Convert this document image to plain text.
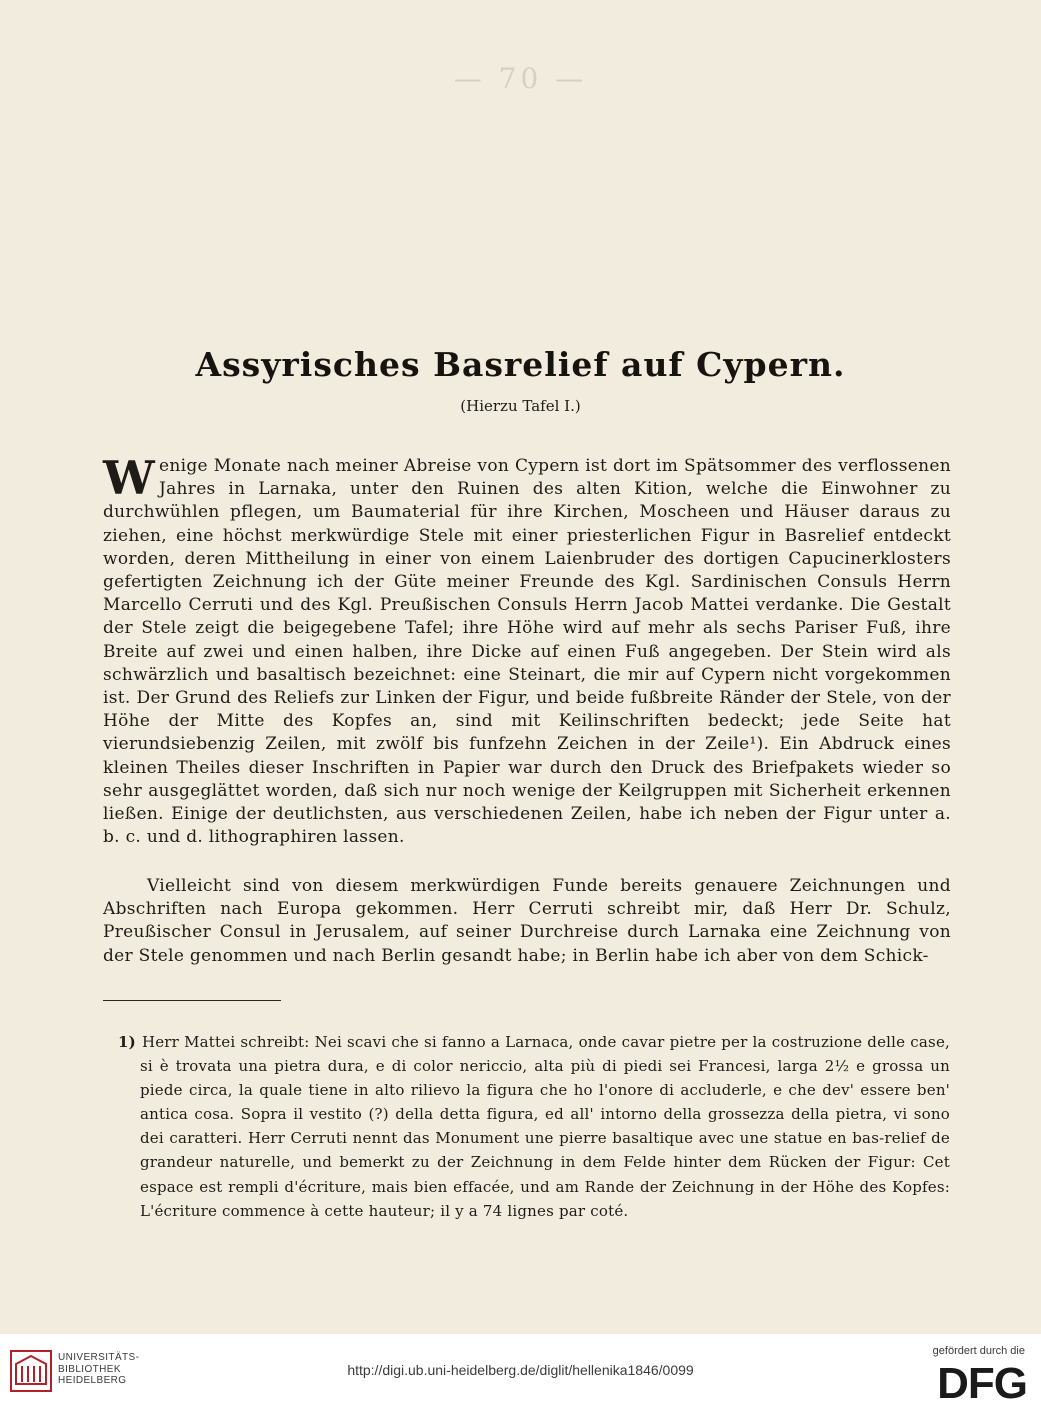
— 70 —

Assyrisches Basrelief auf Cypern.
(Hierzu Tafel I.)
W enige Monate nach meiner Abreise von Cypern ist dort im Spätsommer des verflossenen Jahres in Larnaka, unter den Ruinen des alten Kition, welche die Einwohner zu durchwühlen pflegen, um Baumaterial für ihre Kirchen, Moscheen und Häuser daraus zu ziehen, eine höchst merkwürdige Stele mit einer priesterlichen Figur in Basrelief entdeckt worden, deren Mittheilung in einer von einem Laienbruder des dortigen Capucinerklosters gefertigten Zeichnung ich der Güte meiner Freunde des Kgl. Sardinischen Consuls Herrn Marcello Cerruti und des Kgl. Preußischen Consuls Herrn Jacob Mattei verdanke. Die Gestalt der Stele zeigt die beigegebene Tafel; ihre Höhe wird auf mehr als sechs Pariser Fuß, ihre Breite auf zwei und einen halben, ihre Dicke auf einen Fuß angegeben. Der Stein wird als schwärzlich und basaltisch bezeichnet: eine Steinart, die mir auf Cypern nicht vorgekommen ist. Der Grund des Reliefs zur Linken der Figur, und beide fußbreite Ränder der Stele, von der Höhe der Mitte des Kopfes an, sind mit Keilinschriften bedeckt; jede Seite hat vierundsiebenzig Zeilen, mit zwölf bis funfzehn Zeichen in der Zeile¹). Ein Abdruck eines kleinen Theiles dieser Inschriften in Papier war durch den Druck des Briefpakets wieder so sehr ausgeglättet worden, daß sich nur noch wenige der Keilgruppen mit Sicherheit erkennen ließen. Einige der deutlichsten, aus verschiedenen Zeilen, habe ich neben der Figur unter a. b. c. und d. lithographiren lassen.
Vielleicht sind von diesem merkwürdigen Funde bereits genauere Zeichnungen und Abschriften nach Europa gekommen. Herr Cerruti schreibt mir, daß Herr Dr. Schulz, Preußischer Consul in Jerusalem, auf seiner Durchreise durch Larnaka eine Zeichnung von der Stele genommen und nach Berlin gesandt habe; in Berlin habe ich aber von dem Schick-
1) Herr Mattei schreibt: Nei scavi che si fanno a Larnaca, onde cavar pietre per la costruzione delle case, si è trovata una pietra dura, e di color nericcio, alta più di piedi sei Francesi, larga 2½ e grossa un piede circa, la quale tiene in alto rilievo la figura che ho l'onore di accluderle, e che dev' essere ben' antica cosa. Sopra il vestito (?) della detta figura, ed all' intorno della grossezza della pietra, vi sono dei caratteri. Herr Cerruti nennt das Monument une pierre basaltique avec une statue en bas-relief de grandeur naturelle, und bemerkt zu der Zeichnung in dem Felde hinter dem Rücken der Figur: Cet espace est rempli d'écriture, mais bien effacée, und am Rande der Zeichnung in der Höhe des Kopfes: L'écriture commence à cette hauteur; il y a 74 lignes par coté.
UNIVERSITÄTS-
BIBLIOTHEK
HEIDELBERG
http://digi.ub.uni-heidelberg.de/diglit/hellenika1846/0099
gefördert durch die
DFG
